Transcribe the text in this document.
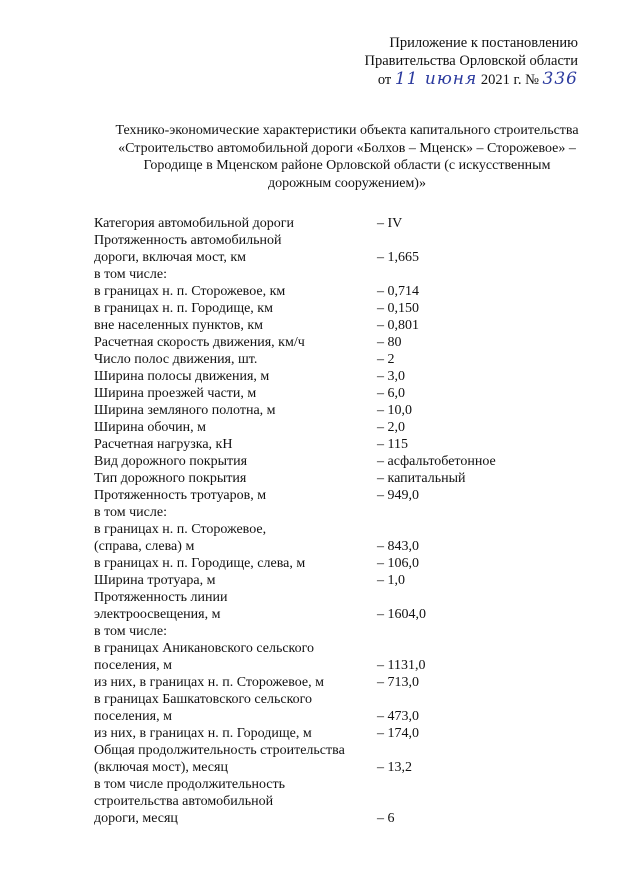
Приложение к постановлению
Правительства Орловской области
от 11 июня 2021 г. № 336
Технико-экономические характеристики объекта капитального строительства
«Строительство автомобильной дороги «Болхов – Мценск» – Сторожевое» –
Городище в Мценском районе Орловской области (с искусственным
дорожным сооружением)»
Категория автомобильной дороги	– IV
Протяженность автомобильной
дороги, включая мост, км	– 1,665
в том числе:
в границах н. п. Сторожевое, км	– 0,714
в границах н. п. Городище, км	– 0,150
вне населенных пунктов, км	– 0,801
Расчетная скорость движения, км/ч	– 80
Число полос движения, шт.	– 2
Ширина полосы движения, м	– 3,0
Ширина проезжей части, м	– 6,0
Ширина земляного полотна, м	– 10,0
Ширина обочин, м	– 2,0
Расчетная нагрузка, кН	– 115
Вид дорожного покрытия	– асфальтобетонное
Тип дорожного покрытия	– капитальный
Протяженность тротуаров, м	– 949,0
в том числе:
в границах н. п. Сторожевое,
(справа, слева) м	– 843,0
в границах н. п. Городище, слева, м	– 106,0
Ширина тротуара, м	– 1,0
Протяженность линии
электроосвещения, м	– 1604,0
в том числе:
в границах Аникановского сельского
поселения, м	– 1131,0
из них, в границах н. п. Сторожевое, м	– 713,0
в границах Башкатовского сельского
поселения, м	– 473,0
из них, в границах н. п. Городище, м	– 174,0
Общая продолжительность строительства
(включая мост), месяц	– 13,2
в том числе продолжительность
строительства автомобильной
дороги, месяц	– 6
